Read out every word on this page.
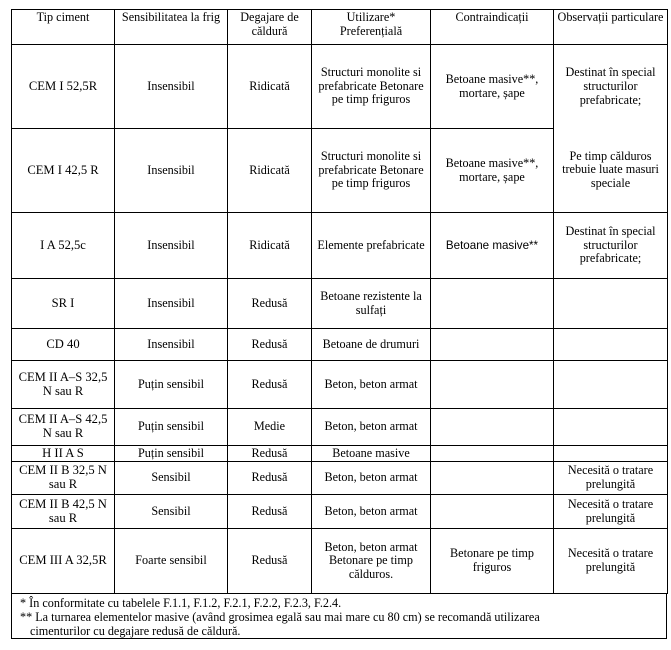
Tip ciment	Sensibilitatea la frig	Degajare de căldură	Utilizare* Preferențială	Contraindicații	Observații particulare
CEM I 52,5R	Insensibil	Ridicată	Structuri monolite si prefabricate Betonare pe timp friguros	Betoane masive**, mortare, șape	Destinat în special structurilor prefabricate;
CEM I 42,5 R	Insensibil	Ridicată	Structuri monolite si prefabricate Betonare pe timp friguros	Betoane masive**, mortare, șape	Pe timp călduros trebuie luate masuri speciale
I A 52,5c	Insensibil	Ridicată	Elemente prefabricate	Betoane masive**	Destinat în special structurilor prefabricate;
SR I	Insensibil	Redusă	Betoane rezistente la sulfați		
CD 40	Insensibil	Redusă	Betoane de drumuri		
CEM II A–S 32,5 N sau R	Puțin sensibil	Redusă	Beton, beton armat		
CEM II A–S 42,5 N sau R	Puțin sensibil	Medie	Beton, beton armat		
H II A S	Puțin sensibil	Redusă	Betoane masive		
CEM II B 32,5 N sau R	Sensibil	Redusă	Beton, beton armat		Necesită o tratare prelungită
CEM II B 42,5 N sau R	Sensibil	Redusă	Beton, beton armat		Necesită o tratare prelungită
CEM III A 32,5R	Foarte sensibil	Redusă	Beton, beton armat Betonare pe timp călduros.	Betonare pe timp friguros	Necesită o tratare prelungită
* În conformitate cu tabelele F.1.1, F.1.2, F.2.1, F.2.2, F.2.3, F.2.4.
** La turnarea elementelor masive (având grosimea egală sau mai mare cu 80 cm) se recomandă utilizarea
cimenturilor cu degajare redusă de căldură.
